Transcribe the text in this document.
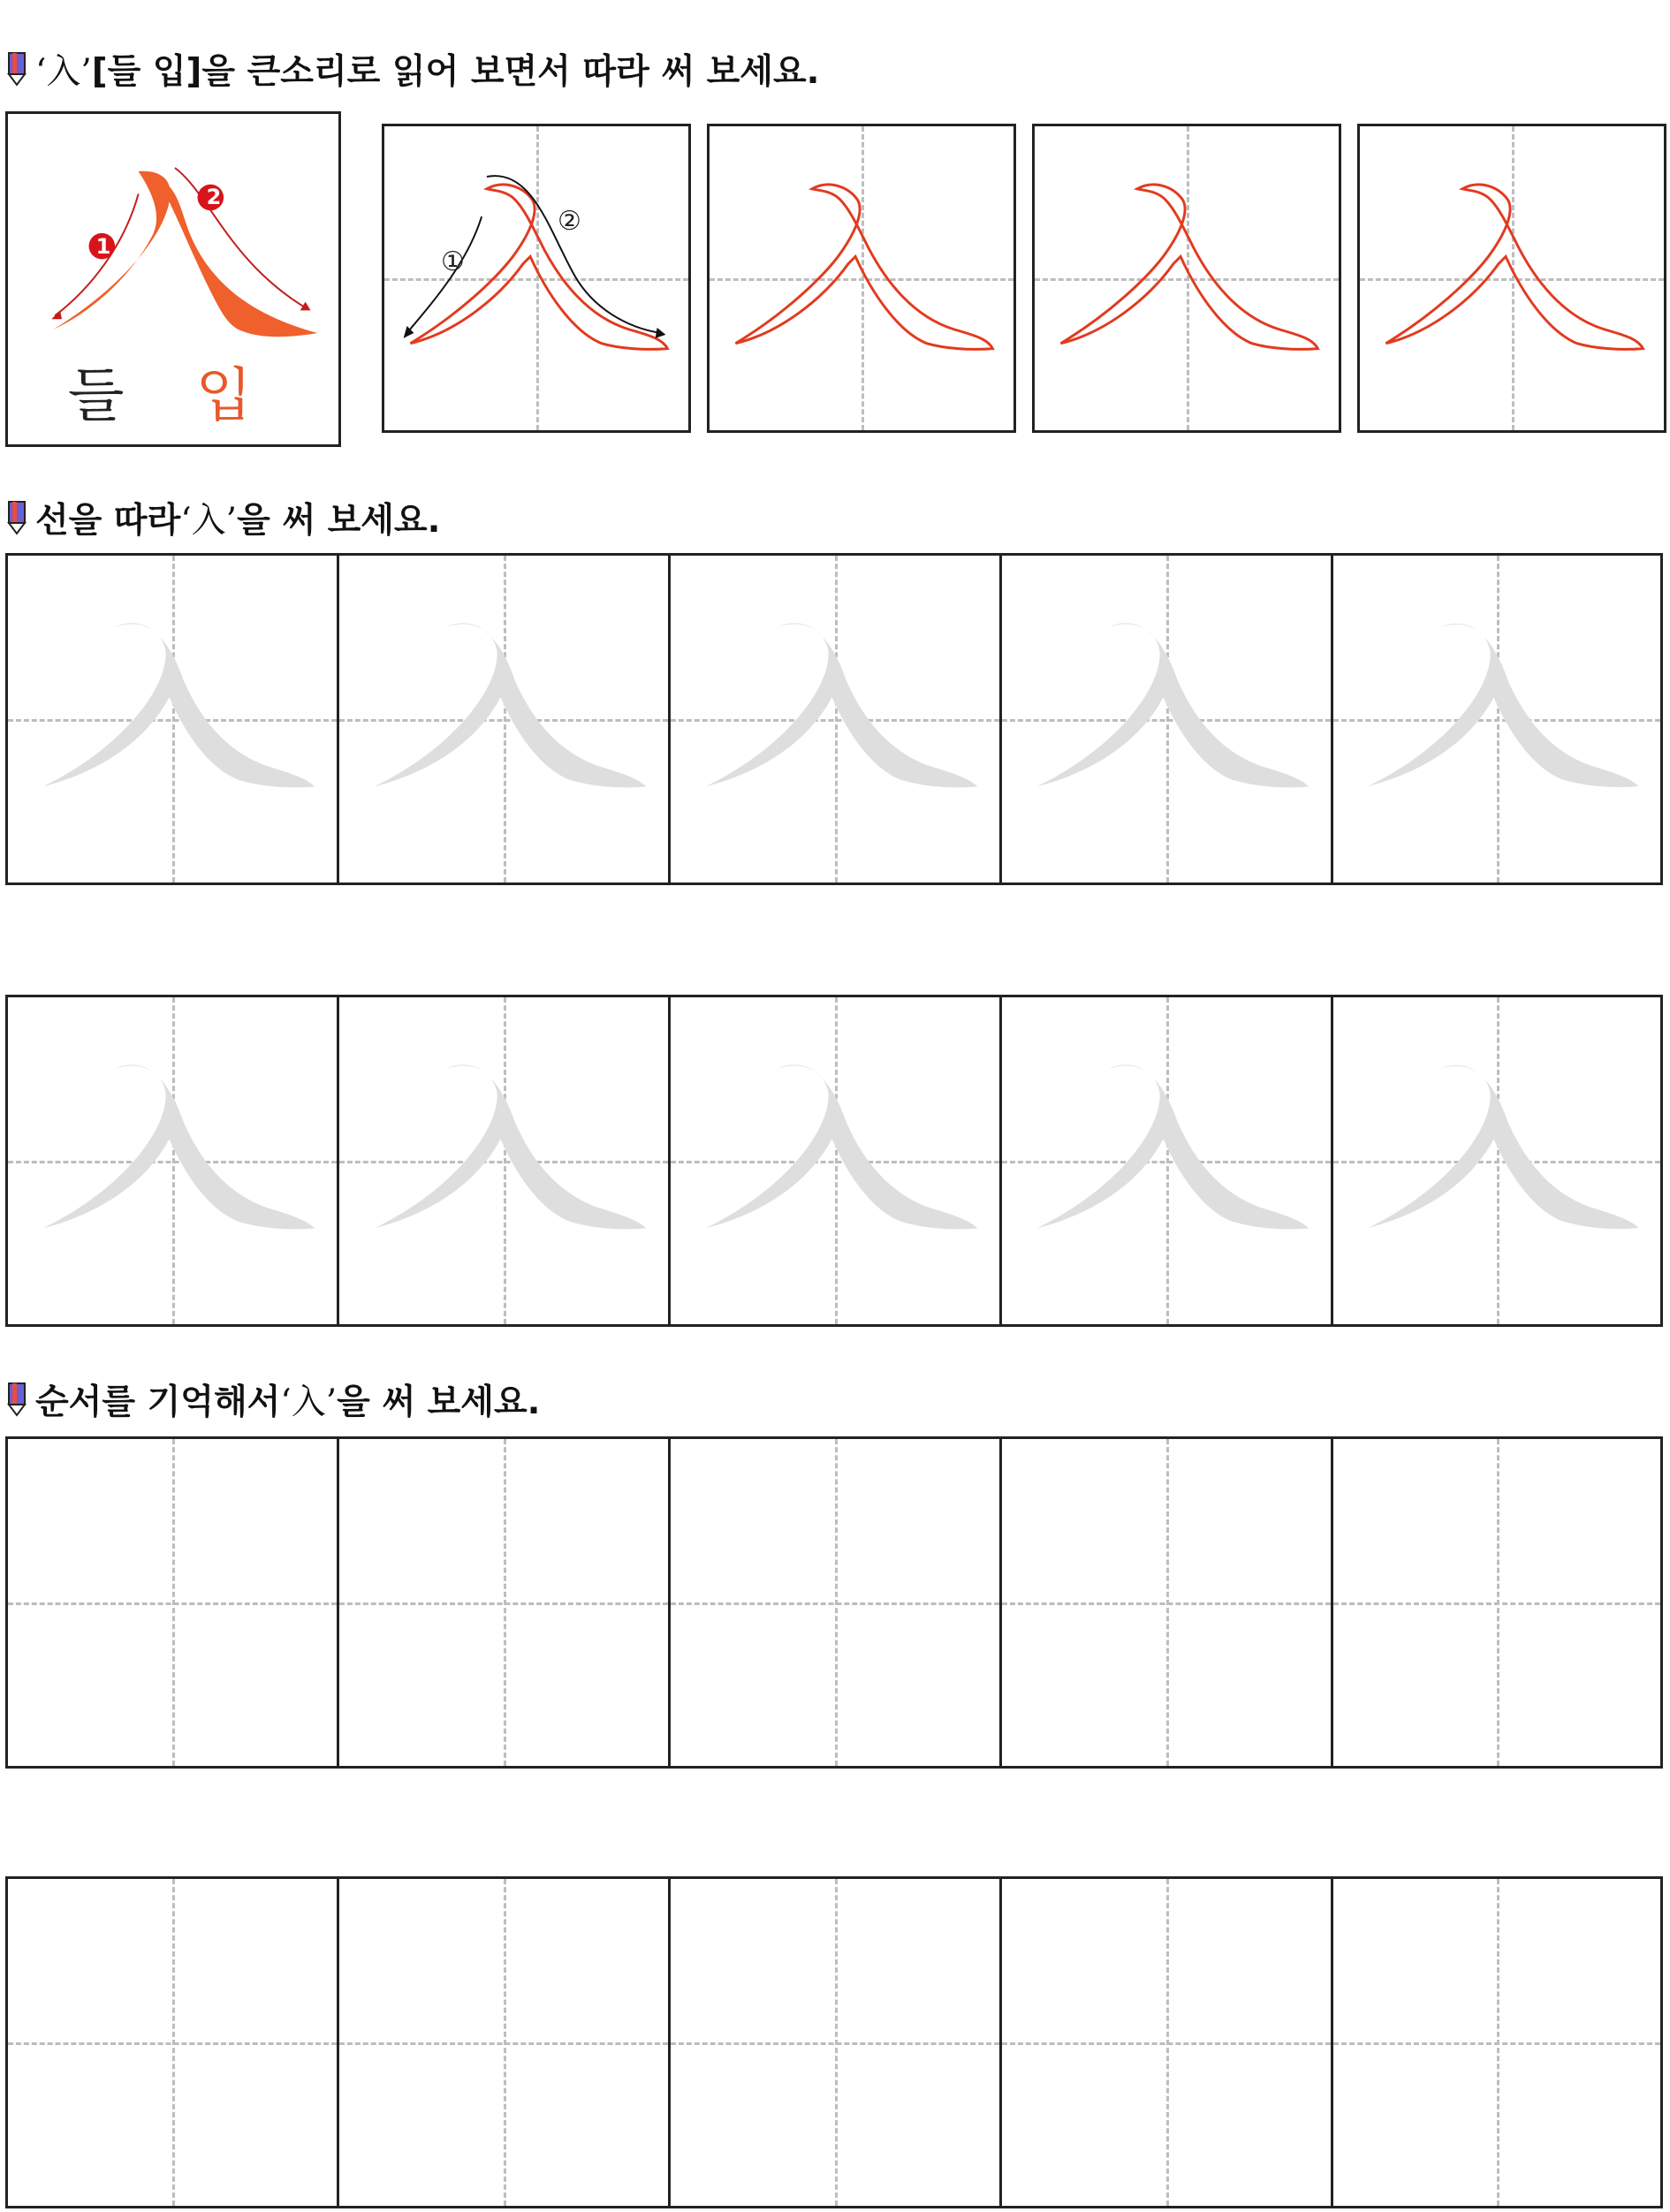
‘入’ [들 입]을 큰소리로 읽어 보면서 따라 써 보세요.
1
2
들 입
①
②
선을 따라 ‘入’ 을 써 보세요.
순서를 기억해서 ‘入’ 을 써 보세요.
